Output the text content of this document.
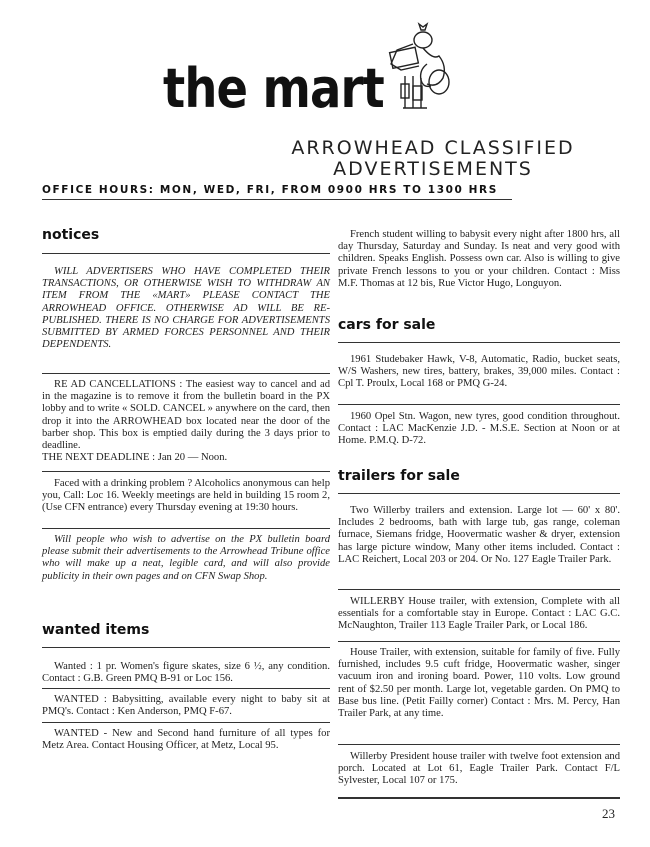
the mart
ARROWHEAD CLASSIFIED
ADVERTISEMENTS
OFFICE HOURS: MON, WED, FRI, FROM 0900 HRS TO 1300 HRS
notices

WILL ADVERTISERS WHO HAVE COMPLETED THEIR TRANSACTIONS, OR OTHERWISE WISH TO WITHDRAW AN ITEM FROM THE «MART» PLEASE CONTACT THE ARROWHEAD OFFICE. OTHERWISE AD WILL BE RE-PUBLISHED. THERE IS NO CHARGE FOR ADVERTISEMENTS SUBMITTED BY ARMED FORCES PERSONNEL AND THEIR DEPENDENTS.

RE AD CANCELLATIONS : The easiest way to cancel and ad in the magazine is to remove it from the bulletin board in the PX lobby and to write « SOLD. CANCEL » anywhere on the card, then drop it into the ARROWHEAD box located near the door of the barber shop. This box is emptied daily during the 3 days prior to deadline.

THE NEXT DEADLINE : Jan 20 — Noon.

Faced with a drinking problem ? Alcoholics anonymous can help you, Call: Loc 16. Weekly meetings are held in building 15 room 2, (Use CFN entrance) every Thursday evening at 19:30 hours.

Will people who wish to advertise on the PX bulletin board please submit their advertisements to the Arrowhead Tribune office who will make up a neat, legible card, and will also provide publicity in their own pages and on CFN Swap Shop.

wanted items

Wanted : 1 pr. Women's figure skates, size 6 ½, any condition. Contact : G.B. Green PMQ B-91 or Loc 156.

WANTED : Babysitting, available every night to baby sit at PMQ's. Contact : Ken Anderson, PMQ F-67.

WANTED - New and Second hand furniture of all types for Metz Area. Contact Housing Officer, at Metz, Local 95.

French student willing to babysit every night after 1800 hrs, all day Thursday, Saturday and Sunday. Is neat and very good with children. Speaks English. Possess own car. Also is willing to give private French lessons to you or your children. Contact : Miss M.F. Thomas at 12 bis, Rue Victor Hugo, Longuyon.

cars for sale

1961 Studebaker Hawk, V-8, Automatic, Radio, bucket seats, W/S Washers, new tires, battery, brakes, 39,000 miles. Contact : Cpl T. Proulx, Local 168 or PMQ G-24.

1960 Opel Stn. Wagon, new tyres, good condition throughout. Contact : LAC MacKenzie J.D. - M.S.E. Section at Noon or at Home. P.M.Q. D-72.

trailers for sale

Two Willerby trailers and extension. Large lot — 60' x 80'. Includes 2 bedrooms, bath with large tub, gas range, coleman furnace, Siemans fridge, Hoovermatic washer & dryer, extension has large picture window, Many other items included. Contact : LAC Reichert, Local 203 or 204. Or No. 127 Eagle Trailer Park.

WILLERBY House trailer, with extension, Complete with all essentials for a comfortable stay in Europe. Contact : LAC G.C. McNaughton, Trailer 113 Eagle Trailer Park, or Local 186.

House Trailer, with extension, suitable for family of five. Fully furnished, includes 9.5 cuft fridge, Hoovermatic washer, singer vacuum iron and ironing board. Power, 110 volts. Low ground rent of $2.50 per month. Large lot, vegetable garden. On PMQ to Base bus line. (Petit Failly corner) Contact : Mrs. M. Percy, Han Trailer Park, at any time.

Willerby President house trailer with twelve foot extension and porch. Located at Lot 61, Eagle Trailer Park. Contact F/L Sylvester, Local 107 or 175.

23
